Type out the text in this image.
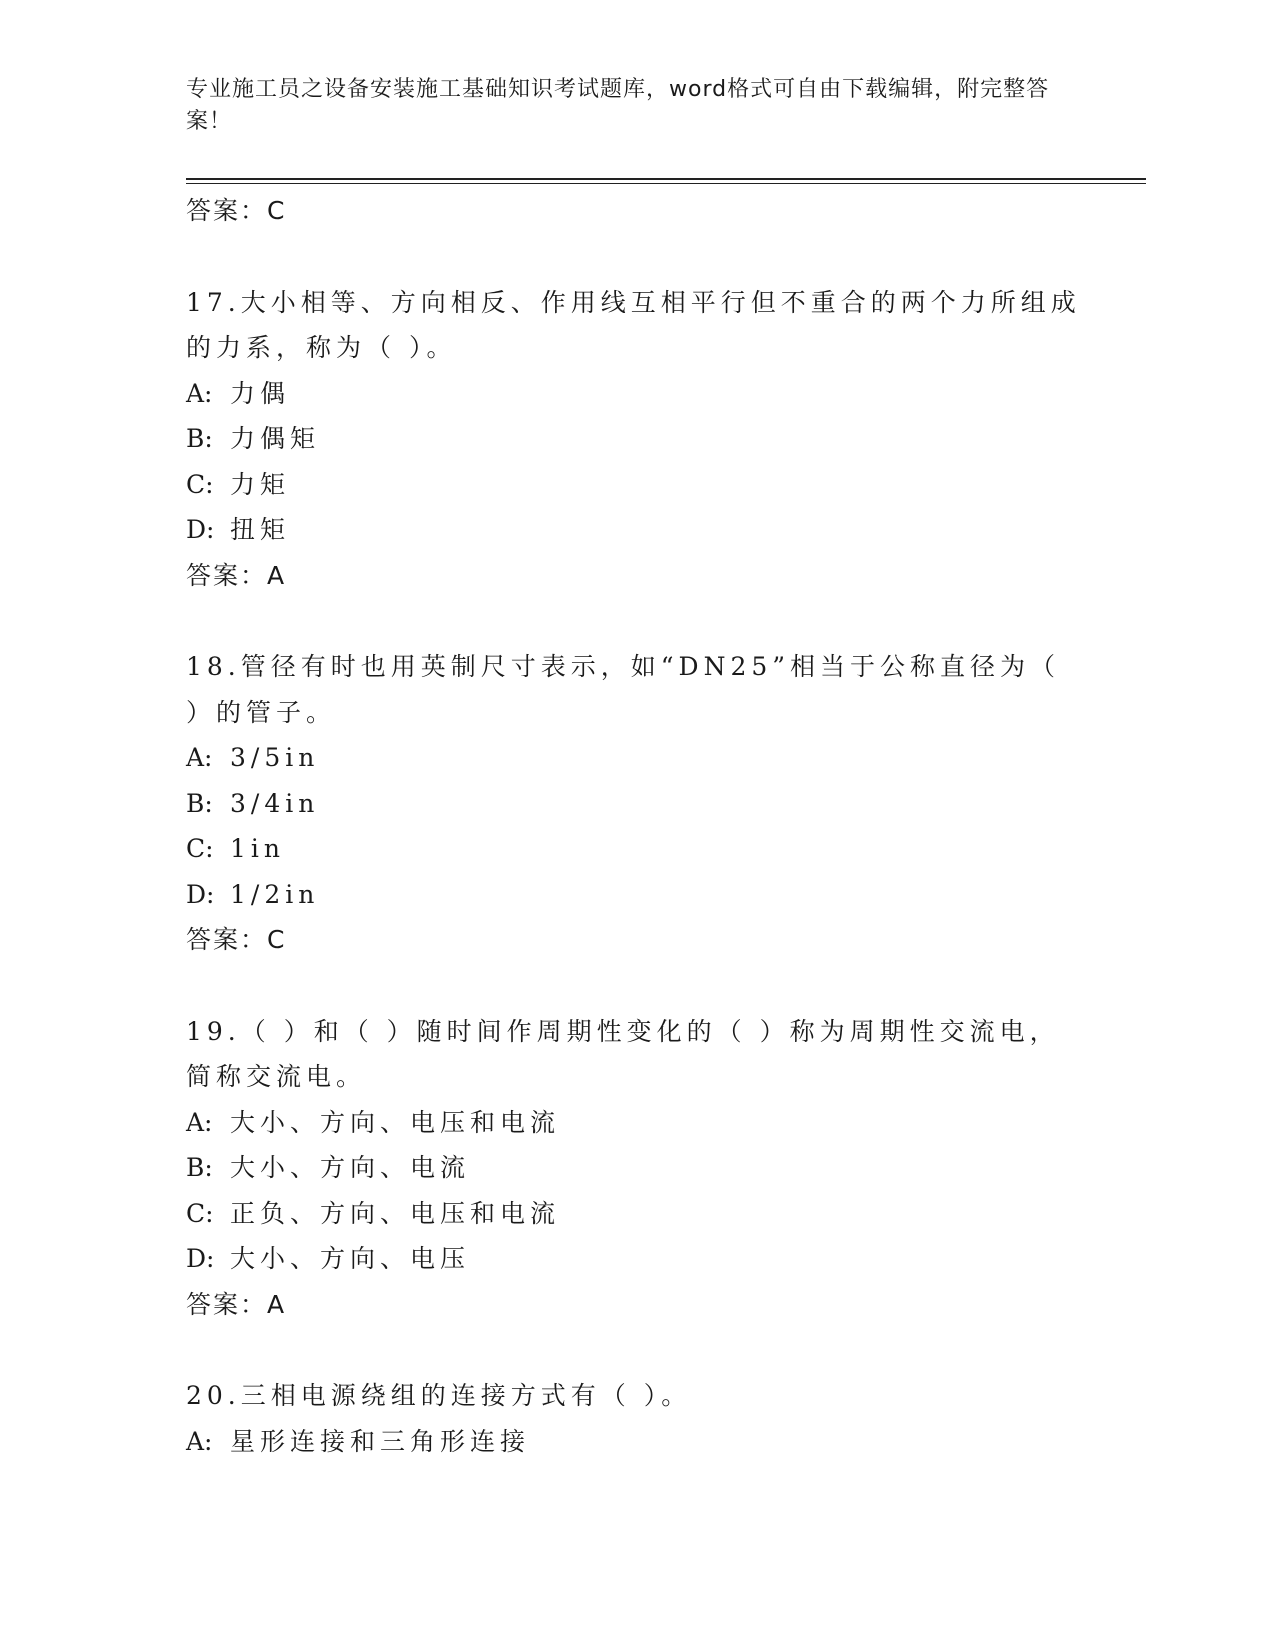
专业施工员之设备安装施工基础知识考试题库，word格式可自由下载编辑，附完整答案！
答案：C
17.大小相等、方向相反、作用线互相平行但不重合的两个力所组成的力系，称为（ ）。
A: 力偶
B: 力偶矩
C: 力矩
D: 扭矩
答案：A
18.管径有时也用英制尺寸表示，如“DN25”相当于公称直径为（ ）的管子。
A: 3/5in
B: 3/4in
C: 1in
D: 1/2in
答案：C
19.（ ）和（ ）随时间作周期性变化的（ ）称为周期性交流电，简称交流电。
A: 大小、方向、电压和电流
B: 大小、方向、电流
C: 正负、方向、电压和电流
D: 大小、方向、电压
答案：A
20.三相电源绕组的连接方式有（ ）。
A: 星形连接和三角形连接
